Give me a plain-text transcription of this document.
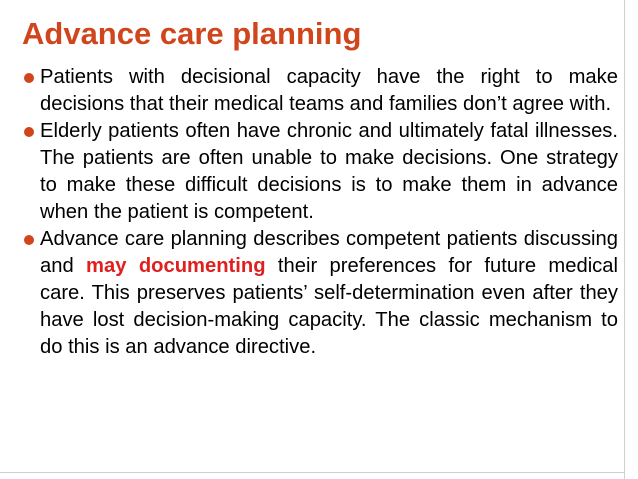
Advance care planning

Patients with decisional capacity have the right to make decisions that their medical teams and families don’t agree with.

Elderly patients often have chronic and ultimately fatal illnesses. The patients are often unable to make decisions. One strategy to make these difficult decisions is to make them in advance when the patient is competent.

Advance care planning describes competent patients discussing and may documenting their preferences for future medical care. This preserves patients’ self-determination even after they have lost decision-making capacity. The classic mechanism to do this is an advance directive.
